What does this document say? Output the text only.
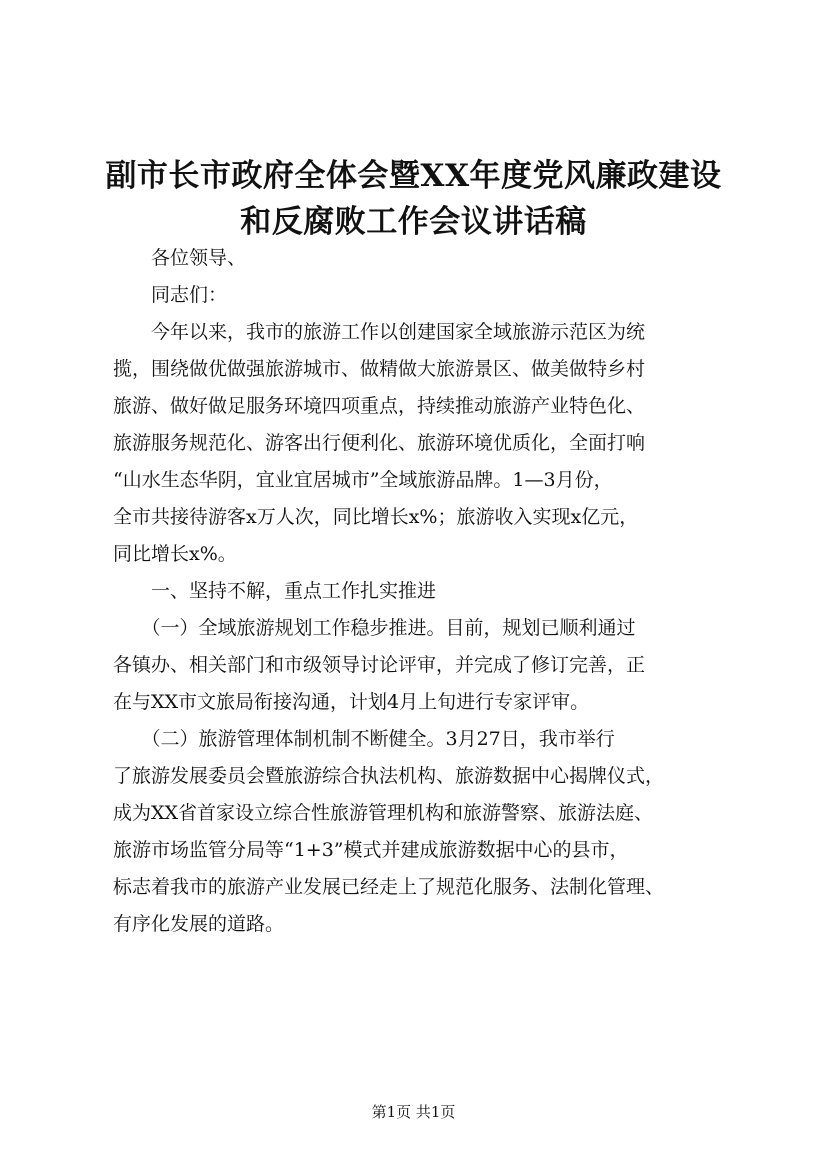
副市长市政府全体会暨XX年度党风廉政建设
和反腐败工作会议讲话稿
　　各位领导、
　　同志们：
　　今年以来，我市的旅游工作以创建国家全域旅游示范区为统
揽，围绕做优做强旅游城市、做精做大旅游景区、做美做特乡村
旅游、做好做足服务环境四项重点，持续推动旅游产业特色化、
旅游服务规范化、游客出行便利化、旅游环境优质化，全面打响
“山水生态华阴，宜业宜居城市”全域旅游品牌。1—3月份，
全市共接待游客x万人次，同比增长x%；旅游收入实现x亿元，
同比增长x%。
　　一、坚持不解，重点工作扎实推进
　　（一）全域旅游规划工作稳步推进。目前，规划已顺利通过
各镇办、相关部门和市级领导讨论评审，并完成了修订完善，正
在与XX市文旅局衔接沟通，计划4月上旬进行专家评审。
　　（二）旅游管理体制机制不断健全。3月27日，我市举行
了旅游发展委员会暨旅游综合执法机构、旅游数据中心揭牌仪式，
成为XX省首家设立综合性旅游管理机构和旅游警察、旅游法庭、
旅游市场监管分局等“1+3”模式并建成旅游数据中心的县市，
标志着我市的旅游产业发展已经走上了规范化服务、法制化管理、
有序化发展的道路。
第1页 共1页
